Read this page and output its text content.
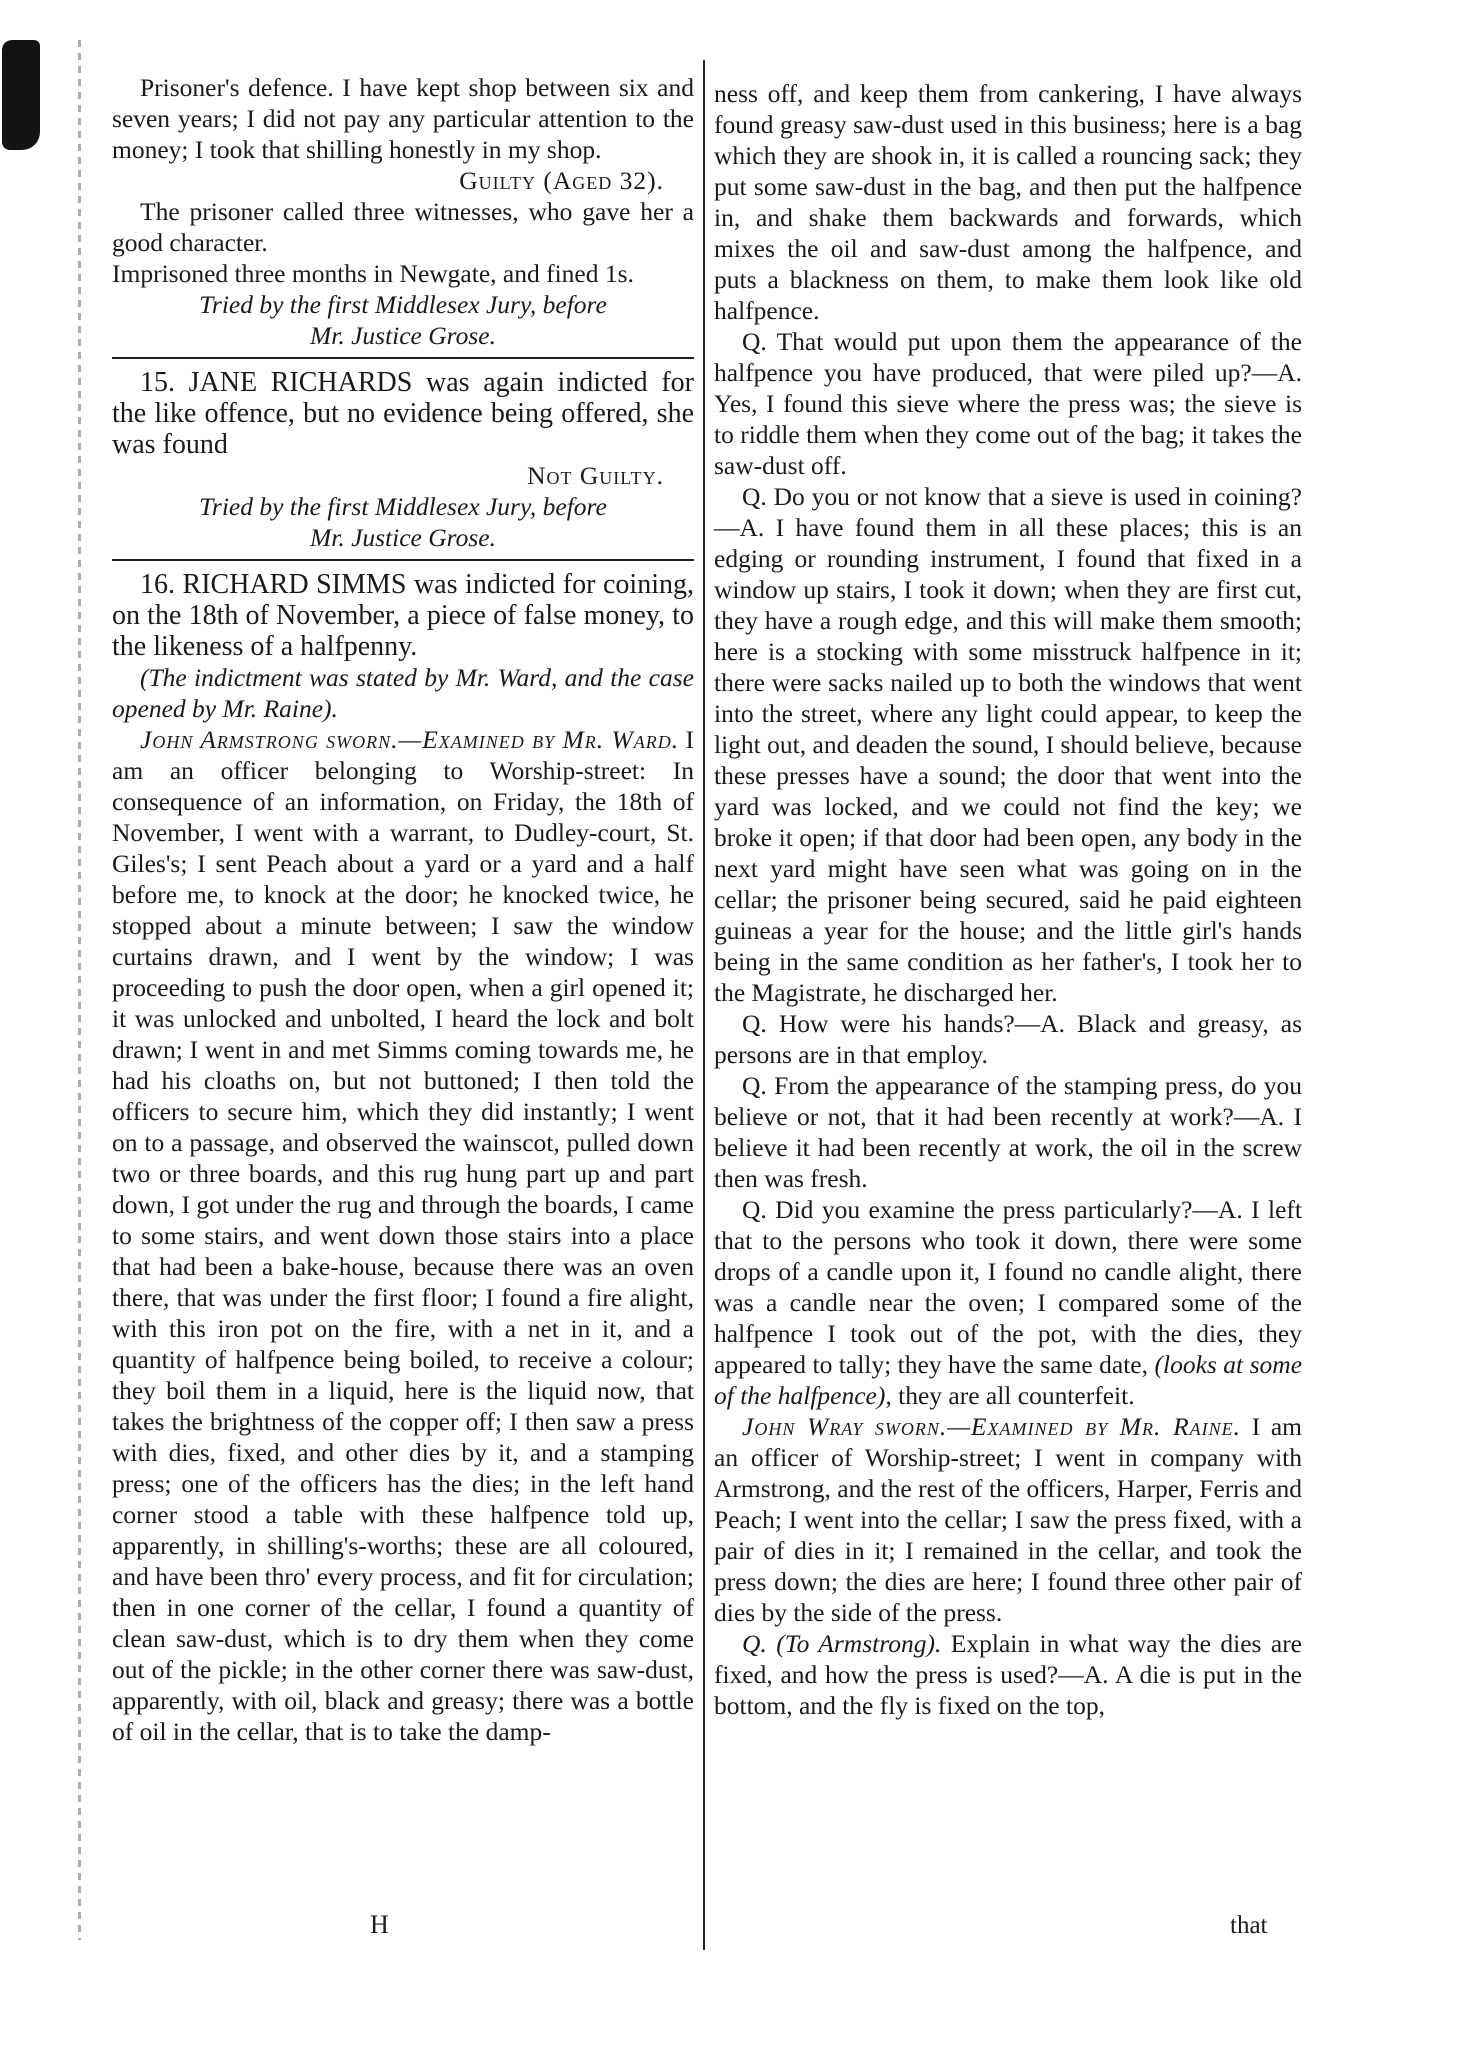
Prisoner's defence. I have kept shop between six and seven years; I did not pay any particular attention to the money; I took that shilling honestly in my shop.

Guilty (Aged 32).

The prisoner called three witnesses, who gave her a good character.

Imprisoned three months in Newgate, and fined 1s.

Tried by the first Middlesex Jury, before

Mr. Justice Grose.

15. JANE RICHARDS was again indicted for the like offence, but no evidence being offered, she was found

Not Guilty.

Tried by the first Middlesex Jury, before

Mr. Justice Grose.

16. RICHARD SIMMS was indicted for coining, on the 18th of November, a piece of false money, to the likeness of a halfpenny.

(The indictment was stated by Mr. Ward, and the case opened by Mr. Raine).

John Armstrong sworn.—Examined by Mr. Ward. I am an officer belonging to Worship-street: In consequence of an information, on Friday, the 18th of November, I went with a warrant, to Dudley-court, St. Giles's; I sent Peach about a yard or a yard and a half before me, to knock at the door; he knocked twice, he stopped about a minute between; I saw the window curtains drawn, and I went by the window; I was proceeding to push the door open, when a girl opened it; it was unlocked and unbolted, I heard the lock and bolt drawn; I went in and met Simms coming towards me, he had his cloaths on, but not buttoned; I then told the officers to secure him, which they did instantly; I went on to a passage, and observed the wainscot, pulled down two or three boards, and this rug hung part up and part down, I got under the rug and through the boards, I came to some stairs, and went down those stairs into a place that had been a bake-house, because there was an oven there, that was under the first floor; I found a fire alight, with this iron pot on the fire, with a net in it, and a quantity of halfpence being boiled, to receive a colour; they boil them in a liquid, here is the liquid now, that takes the brightness of the copper off; I then saw a press with dies, fixed, and other dies by it, and a stamping press; one of the officers has the dies; in the left hand corner stood a table with these halfpence told up, apparently, in shilling's-worths; these are all coloured, and have been thro' every process, and fit for circulation; then in one corner of the cellar, I found a quantity of clean saw-dust, which is to dry them when they come out of the pickle; in the other corner there was saw-dust, apparently, with oil, black and greasy; there was a bottle of oil in the cellar, that is to take the damp-

ness off, and keep them from cankering, I have always found greasy saw-dust used in this business; here is a bag which they are shook in, it is called a rouncing sack; they put some saw-dust in the bag, and then put the halfpence in, and shake them backwards and forwards, which mixes the oil and saw-dust among the halfpence, and puts a blackness on them, to make them look like old halfpence.

Q. That would put upon them the appearance of the halfpence you have produced, that were piled up?—A. Yes, I found this sieve where the press was; the sieve is to riddle them when they come out of the bag; it takes the saw-dust off.

Q. Do you or not know that a sieve is used in coining?—A. I have found them in all these places; this is an edging or rounding instrument, I found that fixed in a window up stairs, I took it down; when they are first cut, they have a rough edge, and this will make them smooth; here is a stocking with some misstruck halfpence in it; there were sacks nailed up to both the windows that went into the street, where any light could appear, to keep the light out, and deaden the sound, I should believe, because these presses have a sound; the door that went into the yard was locked, and we could not find the key; we broke it open; if that door had been open, any body in the next yard might have seen what was going on in the cellar; the prisoner being secured, said he paid eighteen guineas a year for the house; and the little girl's hands being in the same condition as her father's, I took her to the Magistrate, he discharged her.

Q. How were his hands?—A. Black and greasy, as persons are in that employ.

Q. From the appearance of the stamping press, do you believe or not, that it had been recently at work?—A. I believe it had been recently at work, the oil in the screw then was fresh.

Q. Did you examine the press particularly?—A. I left that to the persons who took it down, there were some drops of a candle upon it, I found no candle alight, there was a candle near the oven; I compared some of the halfpence I took out of the pot, with the dies, they appeared to tally; they have the same date, (looks at some of the halfpence), they are all counterfeit.

John Wray sworn.—Examined by Mr. Raine. I am an officer of Worship-street; I went in company with Armstrong, and the rest of the officers, Harper, Ferris and Peach; I went into the cellar; I saw the press fixed, with a pair of dies in it; I remained in the cellar, and took the press down; the dies are here; I found three other pair of dies by the side of the press.

Q. (To Armstrong). Explain in what way the dies are fixed, and how the press is used?—A. A die is put in the bottom, and the fly is fixed on the top,

H	that
